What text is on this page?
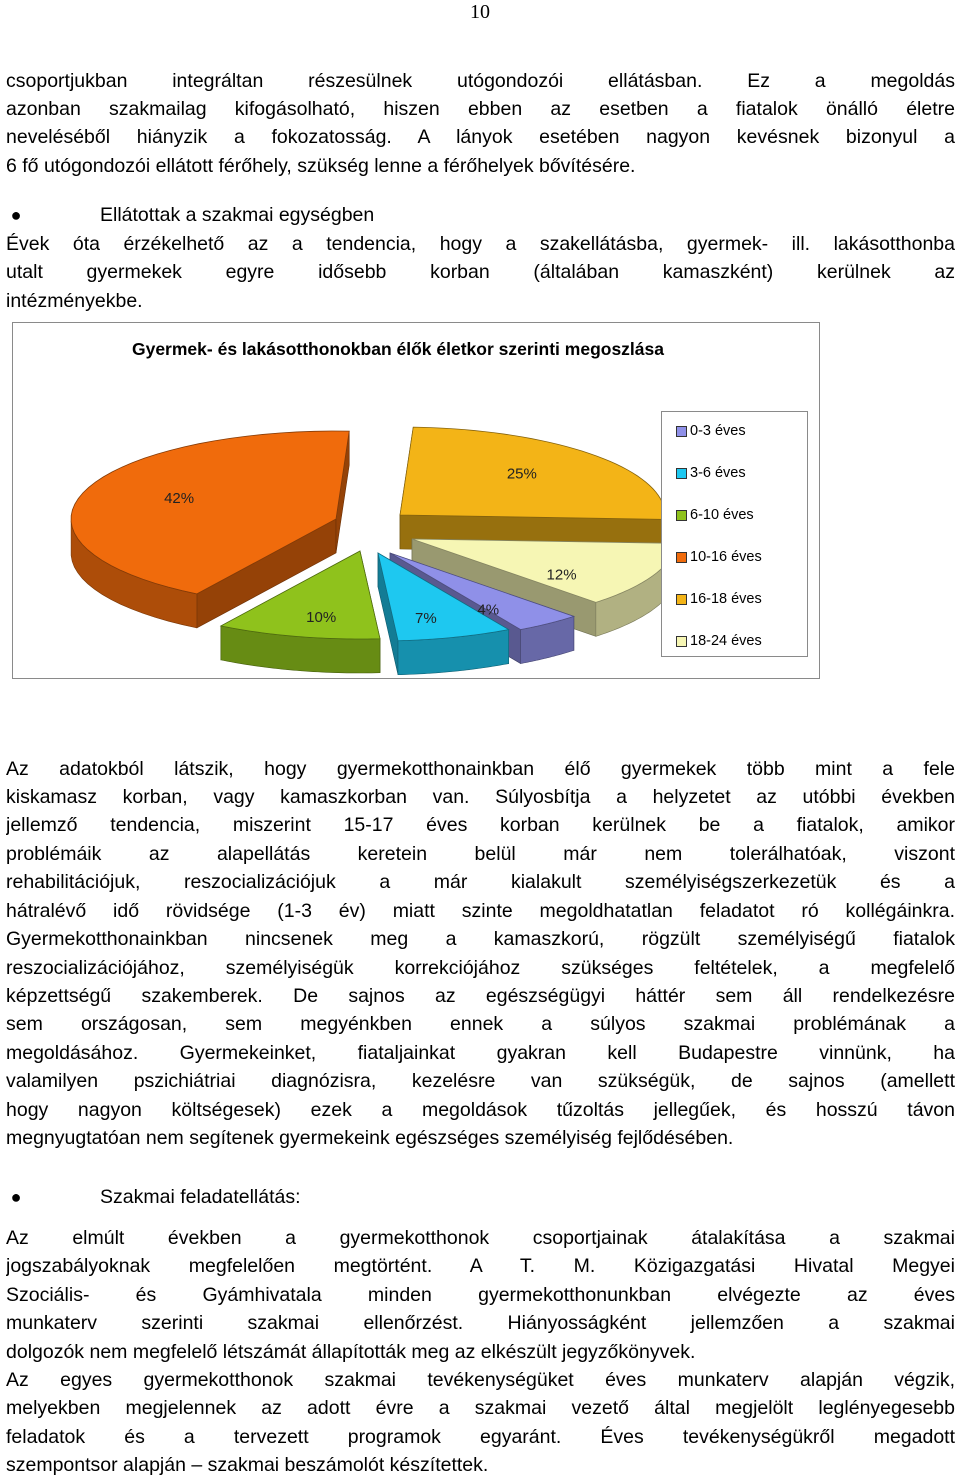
10
csoportjukban integráltan részesülnek utógondozói ellátásban. Ez a megoldás
azonban szakmailag kifogásolható, hiszen ebben az esetben a fiatalok önálló életre
neveléséből hiányzik a fokozatosság. A lányok esetében nagyon kevésnek bizonyul a
6 fő utógondozói ellátott férőhely, szükség lenne a férőhelyek bővítésére.
●	Ellátottak a szakmai egységben
Évek óta érzékelhető az a tendencia, hogy a szakellátásba, gyermek- ill. lakásotthonba
utalt gyermekek egyre idősebb korban (általában kamaszként) kerülnek az
intézményekbe.
Gyermek- és lakásotthonokban élők életkor szerinti megoszlása
25%
12%
4%
7%
10%
42%
0-3 éves
3-6 éves
6-10 éves
10-16 éves
16-18 éves
18-24 éves
Az adatokból látszik, hogy gyermekotthonainkban élő gyermekek több mint a fele
kiskamasz korban, vagy kamaszkorban van. Súlyosbítja a helyzetet az utóbbi években
jellemző tendencia, miszerint 15-17 éves korban kerülnek be a fiatalok, amikor
problémáik az alapellátás keretein belül már nem tolerálhatóak, viszont
rehabilitációjuk, reszocializációjuk a már kialakult személyiségszerkezetük és a
hátralévő idő rövidsége (1-3 év) miatt szinte megoldhatatlan feladatot ró kollégáinkra.
Gyermekotthonainkban nincsenek meg a kamaszkorú, rögzült személyiségű fiatalok
reszocializációjához, személyiségük korrekciójához szükséges feltételek, a megfelelő
képzettségű szakemberek. De sajnos az egészségügyi háttér sem áll rendelkezésre
sem országosan, sem megyénkben ennek a súlyos szakmai problémának a
megoldásához. Gyermekeinket, fiataljainkat gyakran kell Budapestre vinnünk, ha
valamilyen pszichiátriai diagnózisra, kezelésre van szükségük, de sajnos (amellett
hogy nagyon költségesek) ezek a megoldások tűzoltás jellegűek, és hosszú távon
megnyugtatóan nem segítenek gyermekeink egészséges személyiség fejlődésében.
●	Szakmai feladatellátás:
Az elmúlt években a gyermekotthonok csoportjainak átalakítása a szakmai
jogszabályoknak megfelelően megtörtént. A T. M. Közigazgatási Hivatal Megyei
Szociális- és Gyámhivatala minden gyermekotthonunkban elvégezte az éves
munkaterv szerinti szakmai ellenőrzést. Hiányosságként jellemzően a szakmai
dolgozók nem megfelelő létszámát állapították meg az elkészült jegyzőkönyvek.
Az egyes gyermekotthonok szakmai tevékenységüket éves munkaterv alapján végzik,
melyekben megjelennek az adott évre a szakmai vezető által megjelölt leglényegesebb
feladatok és a tervezett programok egyaránt. Éves tevékenységükről megadott
szempontsor alapján – szakmai beszámolót készítettek.
